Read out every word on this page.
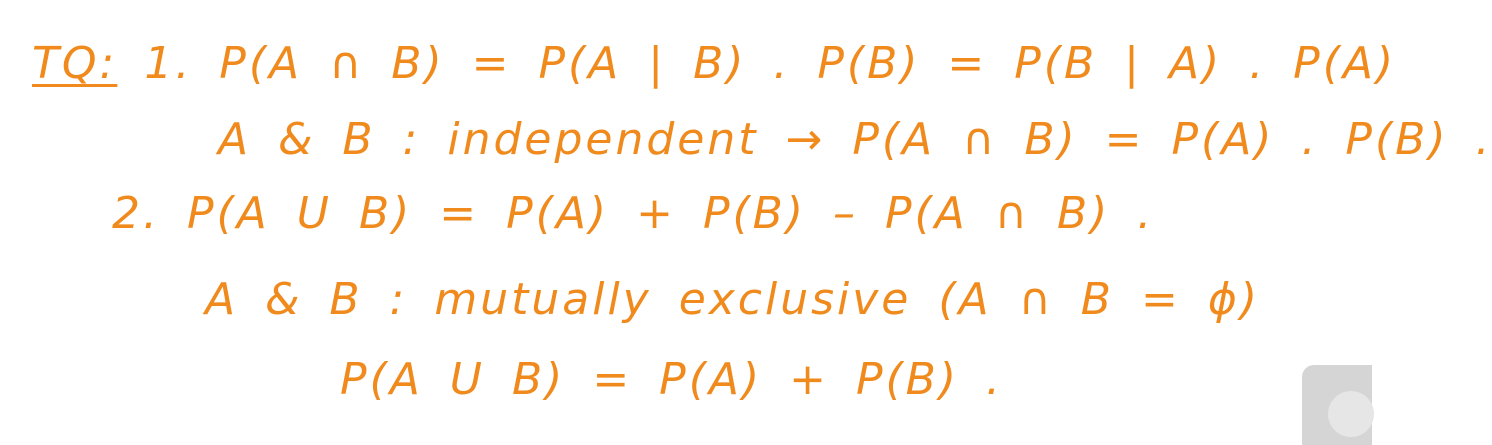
TQ: 1. P(A ∩ B) = P(A | B) . P(B) = P(B | A) . P(A)
A & B : independent → P(A ∩ B) = P(A) . P(B) .
2. P(A U B) = P(A) + P(B) – P(A ∩ B) .
A & B : mutually exclusive (A ∩ B = ϕ)
P(A U B) = P(A) + P(B) .
